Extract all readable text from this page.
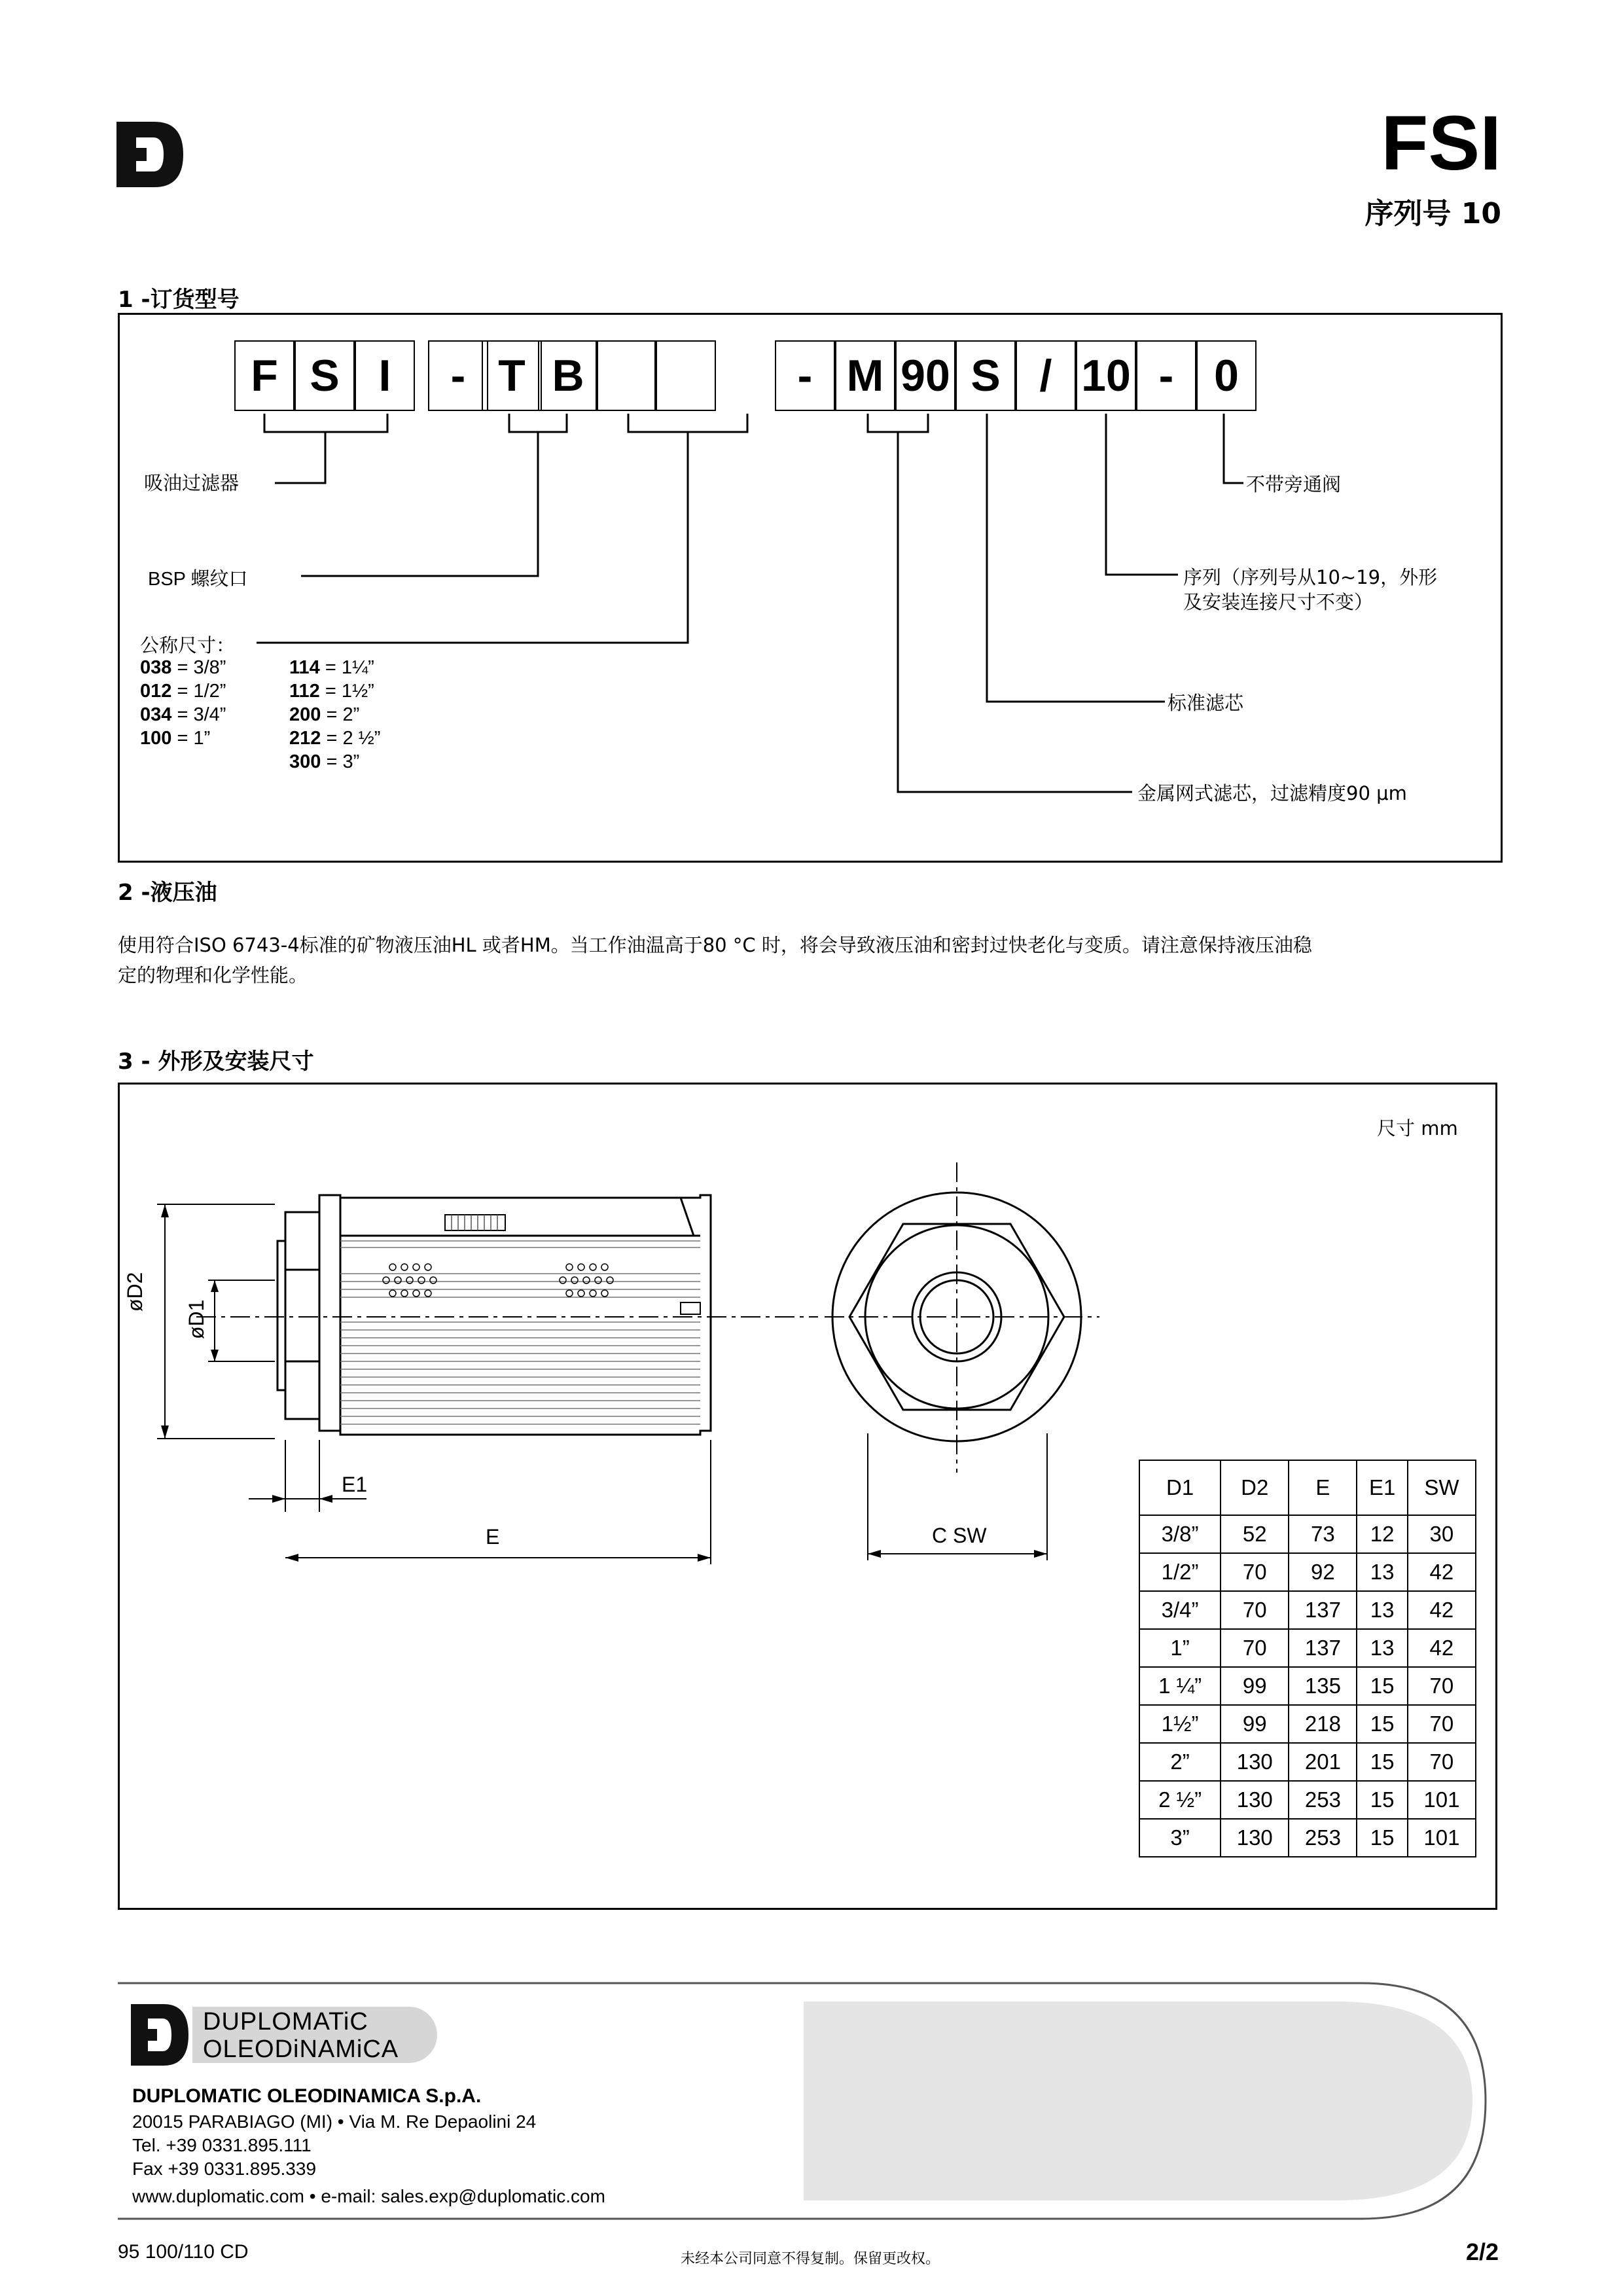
FSI
序列号 10
1 -订货型号
F S I	- T B	- M 90 S / 10 - 0
吸油过滤器
BSP 螺纹口
公称尺寸：
038 = 3/8”
012 = 1/2”
034 = 3/4”
100 = 1”
114 = 1¼”
112 = 1½”
200 = 2”
212 = 2 ½”
300 = 3”
不带旁通阀
序列（序列号从10~19，外形
及安装连接尺寸不变）
标准滤芯
金属网式滤芯，过滤精度90 μm
2 -液压油
使用符合ISO 6743-4标准的矿物液压油HL 或者HM。当工作油温高于80 °C 时，将会导致液压油和密封过快老化与变质。请注意保持液压油稳
定的物理和化学性能。
3 - 外形及安装尺寸
尺寸 mm
øD2
øD1
E1
E	C SW
D1	D2	E	E1	SW
3/8”	52	73	12	30
1/2”	70	92	13	42
3/4”	70	137	13	42
1”	70	137	13	42
1 ¼”	99	135	15	70
1½”	99	218	15	70
2”	130	201	15	70
2 ½”	130	253	15	101
3”	130	253	15	101
DUPLOMATiC
OLEODiNAMiCA
DUPLOMATIC OLEODINAMICA S.p.A.
20015 PARABIAGO (MI) • Via M. Re Depaolini 24
Tel. +39 0331.895.111
Fax +39 0331.895.339
www.duplomatic.com • e-mail: sales.exp@duplomatic.com
95 100/110 CD	未经本公司同意不得复制。保留更改权。	2/2
